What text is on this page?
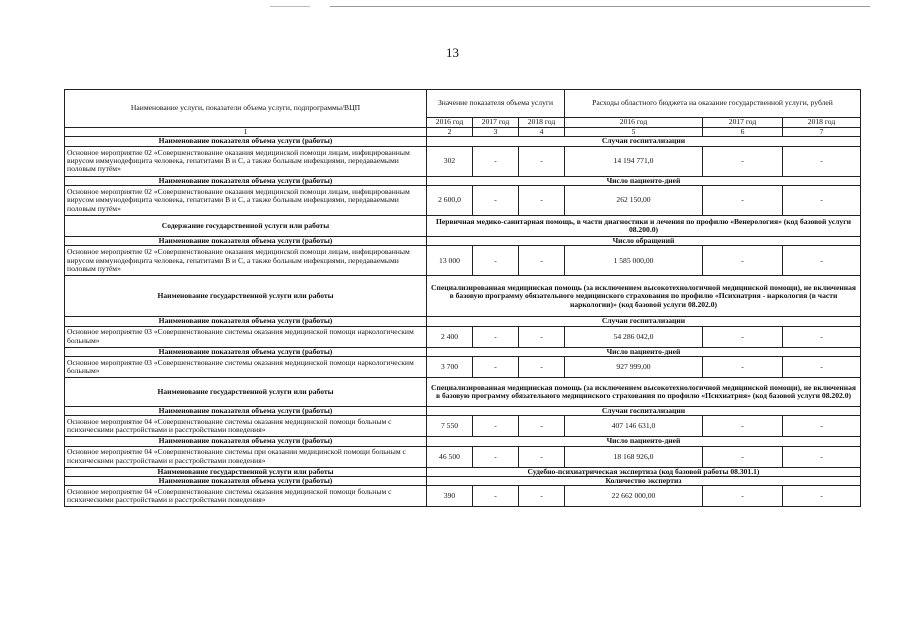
13
Наименование услуги, показатели объема услуги, подпрограммы/ВЦП	Значение показателя объема услуги			Расходы областного бюджета на оказание государственной услуги, рублей		
	2016 год	2017 год	2018 год	2016 год	2017 год	2018 год
1	2	3	4	5	6	7
Наименование показателя объема услуги (работы)	Случаи госпитализации					
Основное мероприятие 02 «Совершенствование оказания медицинской помощи лицам, инфицированным вирусом иммунодефицита человека, гепатитами В и С, а также больным инфекциями, передаваемыми половым путём»	302	-	-	14 194 771,0	-	-
Наименование показателя объема услуги (работы)	Число пациенто-дней					
Основное мероприятие 02 «Совершенствование оказания медицинской помощи лицам, инфицированным вирусом иммунодефицита человека, гепатитами В и С, а также больным инфекциями, передаваемыми половым путём»	2 600,0	-	-	262 150,00	-	-
Содержание государственной услуги или работы	Первичная медико-санитарная помощь, в части диагностики и лечения по профилю «Венерология» (код базовой услуги 08.200.0)					
Наименование показателя объема услуги (работы)	Число обращений					
Основное мероприятие 02 «Совершенствование оказания медицинской помощи лицам, инфицированным вирусом иммунодефицита человека, гепатитами В и С, а также больным инфекциями, передаваемыми половым путём»	13 000	-	-	1 585 000,00	-	-
Наименование государственной услуги или работы	Специализированная медицинская помощь (за исключением высокотехнологичной медицинской помощи), не включенная в базовую программу обязательного медицинского страхования по профилю «Психиатрия - наркология (в части наркологии)» (код базовой услуги 08.202.0)					
Наименование показателя объема услуги (работы)	Случаи госпитализации					
Основное мероприятие 03 «Совершенствование системы оказания медицинской помощи наркологическим больным»	2 400	-	-	54 286 042,0	-	-
Наименование показателя объема услуги (работы)	Число пациенто-дней					
Основное мероприятие 03 «Совершенствование системы оказания медицинской помощи наркологическим больным»	3 700	-	-	927 999,00	-	-
Наименование государственной услуги или работы	Специализированная медицинская помощь (за исключением высокотехнологичной медицинской помощи), не включенная в базовую программу обязательного медицинского страхования по профилю «Психиатрия» (код базовой услуги 08.202.0)					
Наименование показателя объема услуги (работы)	Случаи госпитализации					
Основное мероприятие 04 «Совершенствование системы оказания медицинской помощи больным с психическими расстройствами и расстройствами поведения»	7 550	-	-	407 146 631,0	-	-
Наименование показателя объема услуги (работы)	Число пациенто-дней					
Основное мероприятие 04 «Совершенствование системы при оказании медицинской помощи больным с психическими расстройствами и расстройствами поведения»	46 500	-	-	18 168 926,0	-	-
Наименование государственной услуги или работы	Судебно-психиатрическая экспертиза (код базовой работы 08.301.1)					
Наименование показателя объема услуги (работы)	Количество экспертиз					
Основное мероприятие 04 «Совершенствование системы оказания медицинской помощи больным с психическими расстройствами и расстройствами поведения»	390	-	-	22 662 000,00	-	-
